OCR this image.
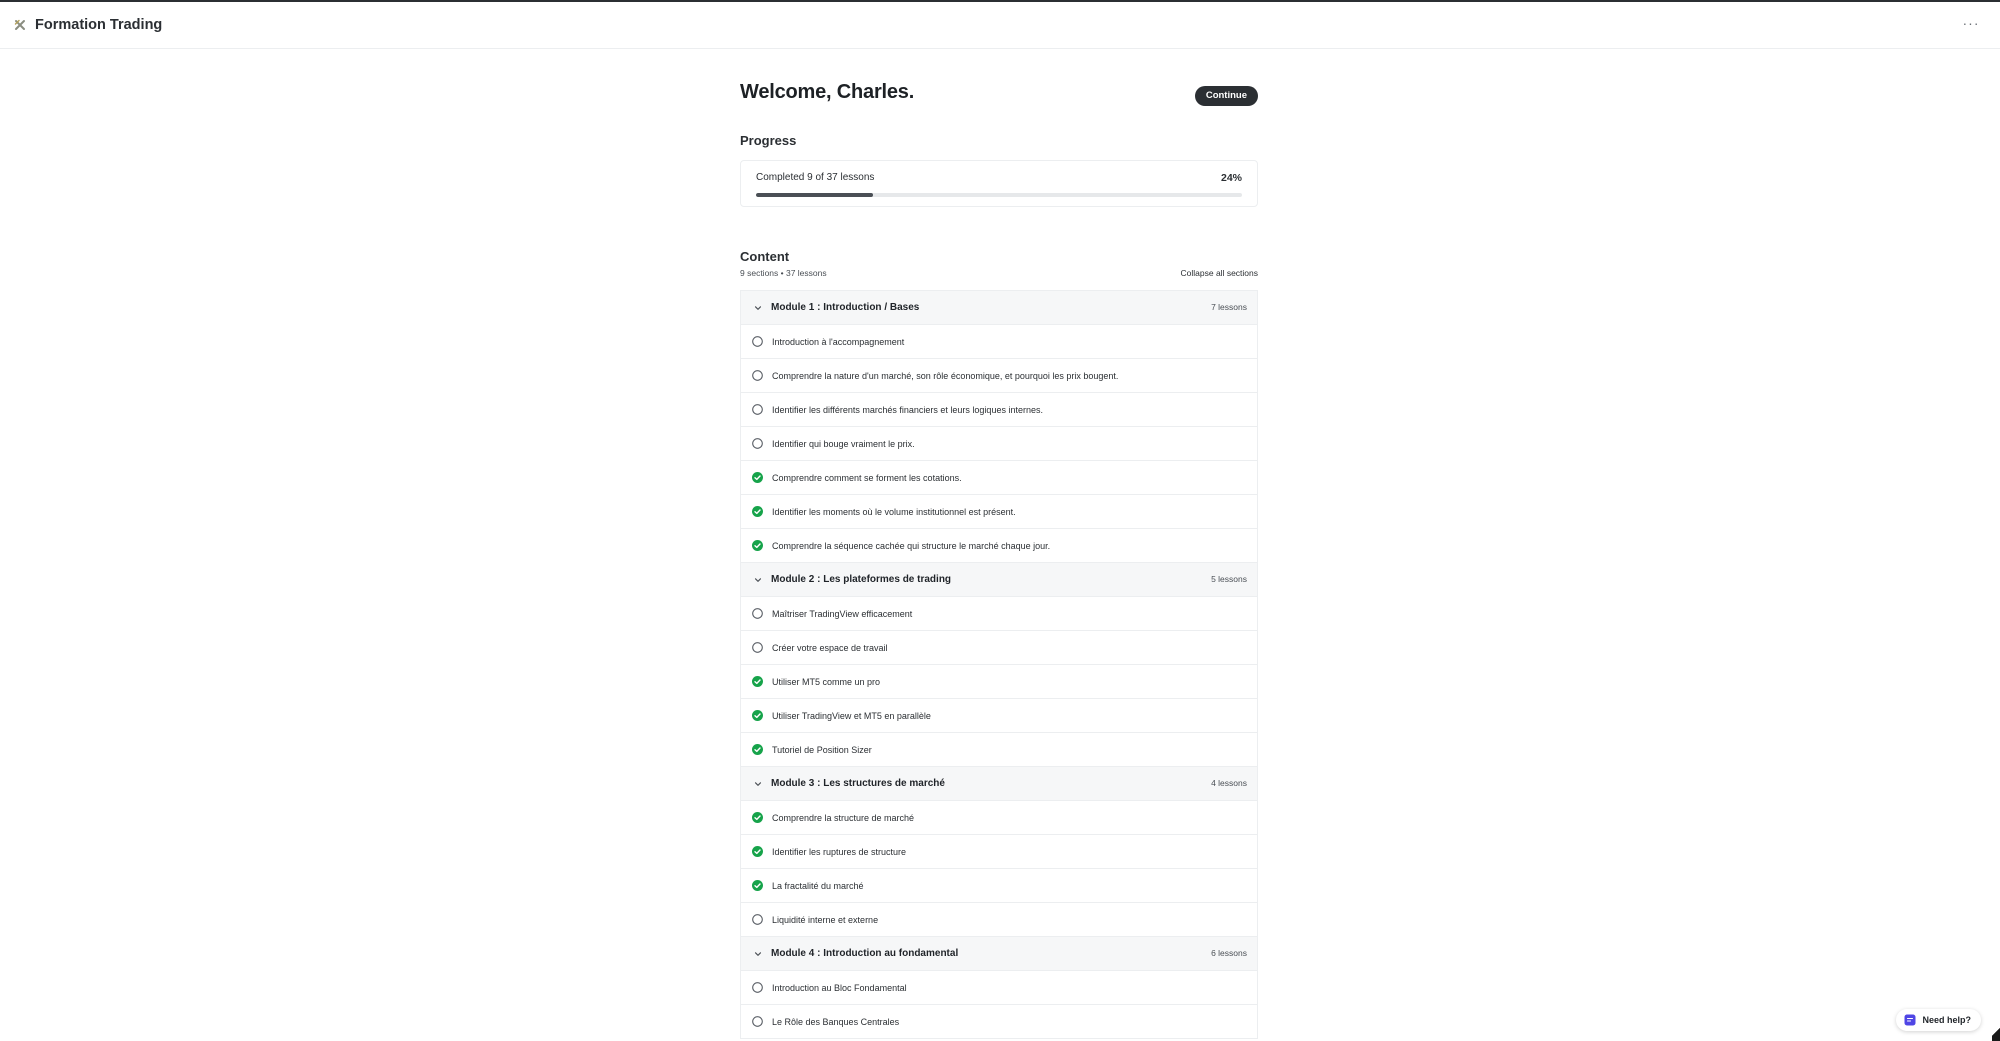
Formation Trading	···
Welcome, Charles.	Continue
Progress
Completed 9 of 37 lessons	24%
Content
9 sections • 37 lessons	Collapse all sections
Module 1 : Introduction / Bases	7 lessons
Introduction à l'accompagnement
Comprendre la nature d'un marché, son rôle économique, et pourquoi les prix bougent.
Identifier les différents marchés financiers et leurs logiques internes.
Identifier qui bouge vraiment le prix.
Comprendre comment se forment les cotations.
Identifier les moments où le volume institutionnel est présent.
Comprendre la séquence cachée qui structure le marché chaque jour.
Module 2 : Les plateformes de trading	5 lessons
Maîtriser TradingView efficacement
Créer votre espace de travail
Utiliser MT5 comme un pro
Utiliser TradingView et MT5 en parallèle
Tutoriel de Position Sizer
Module 3 : Les structures de marché	4 lessons
Comprendre la structure de marché
Identifier les ruptures de structure
La fractalité du marché
Liquidité interne et externe
Module 4 : Introduction au fondamental	6 lessons
Introduction au Bloc Fondamental
Le Rôle des Banques Centrales	Need help?
